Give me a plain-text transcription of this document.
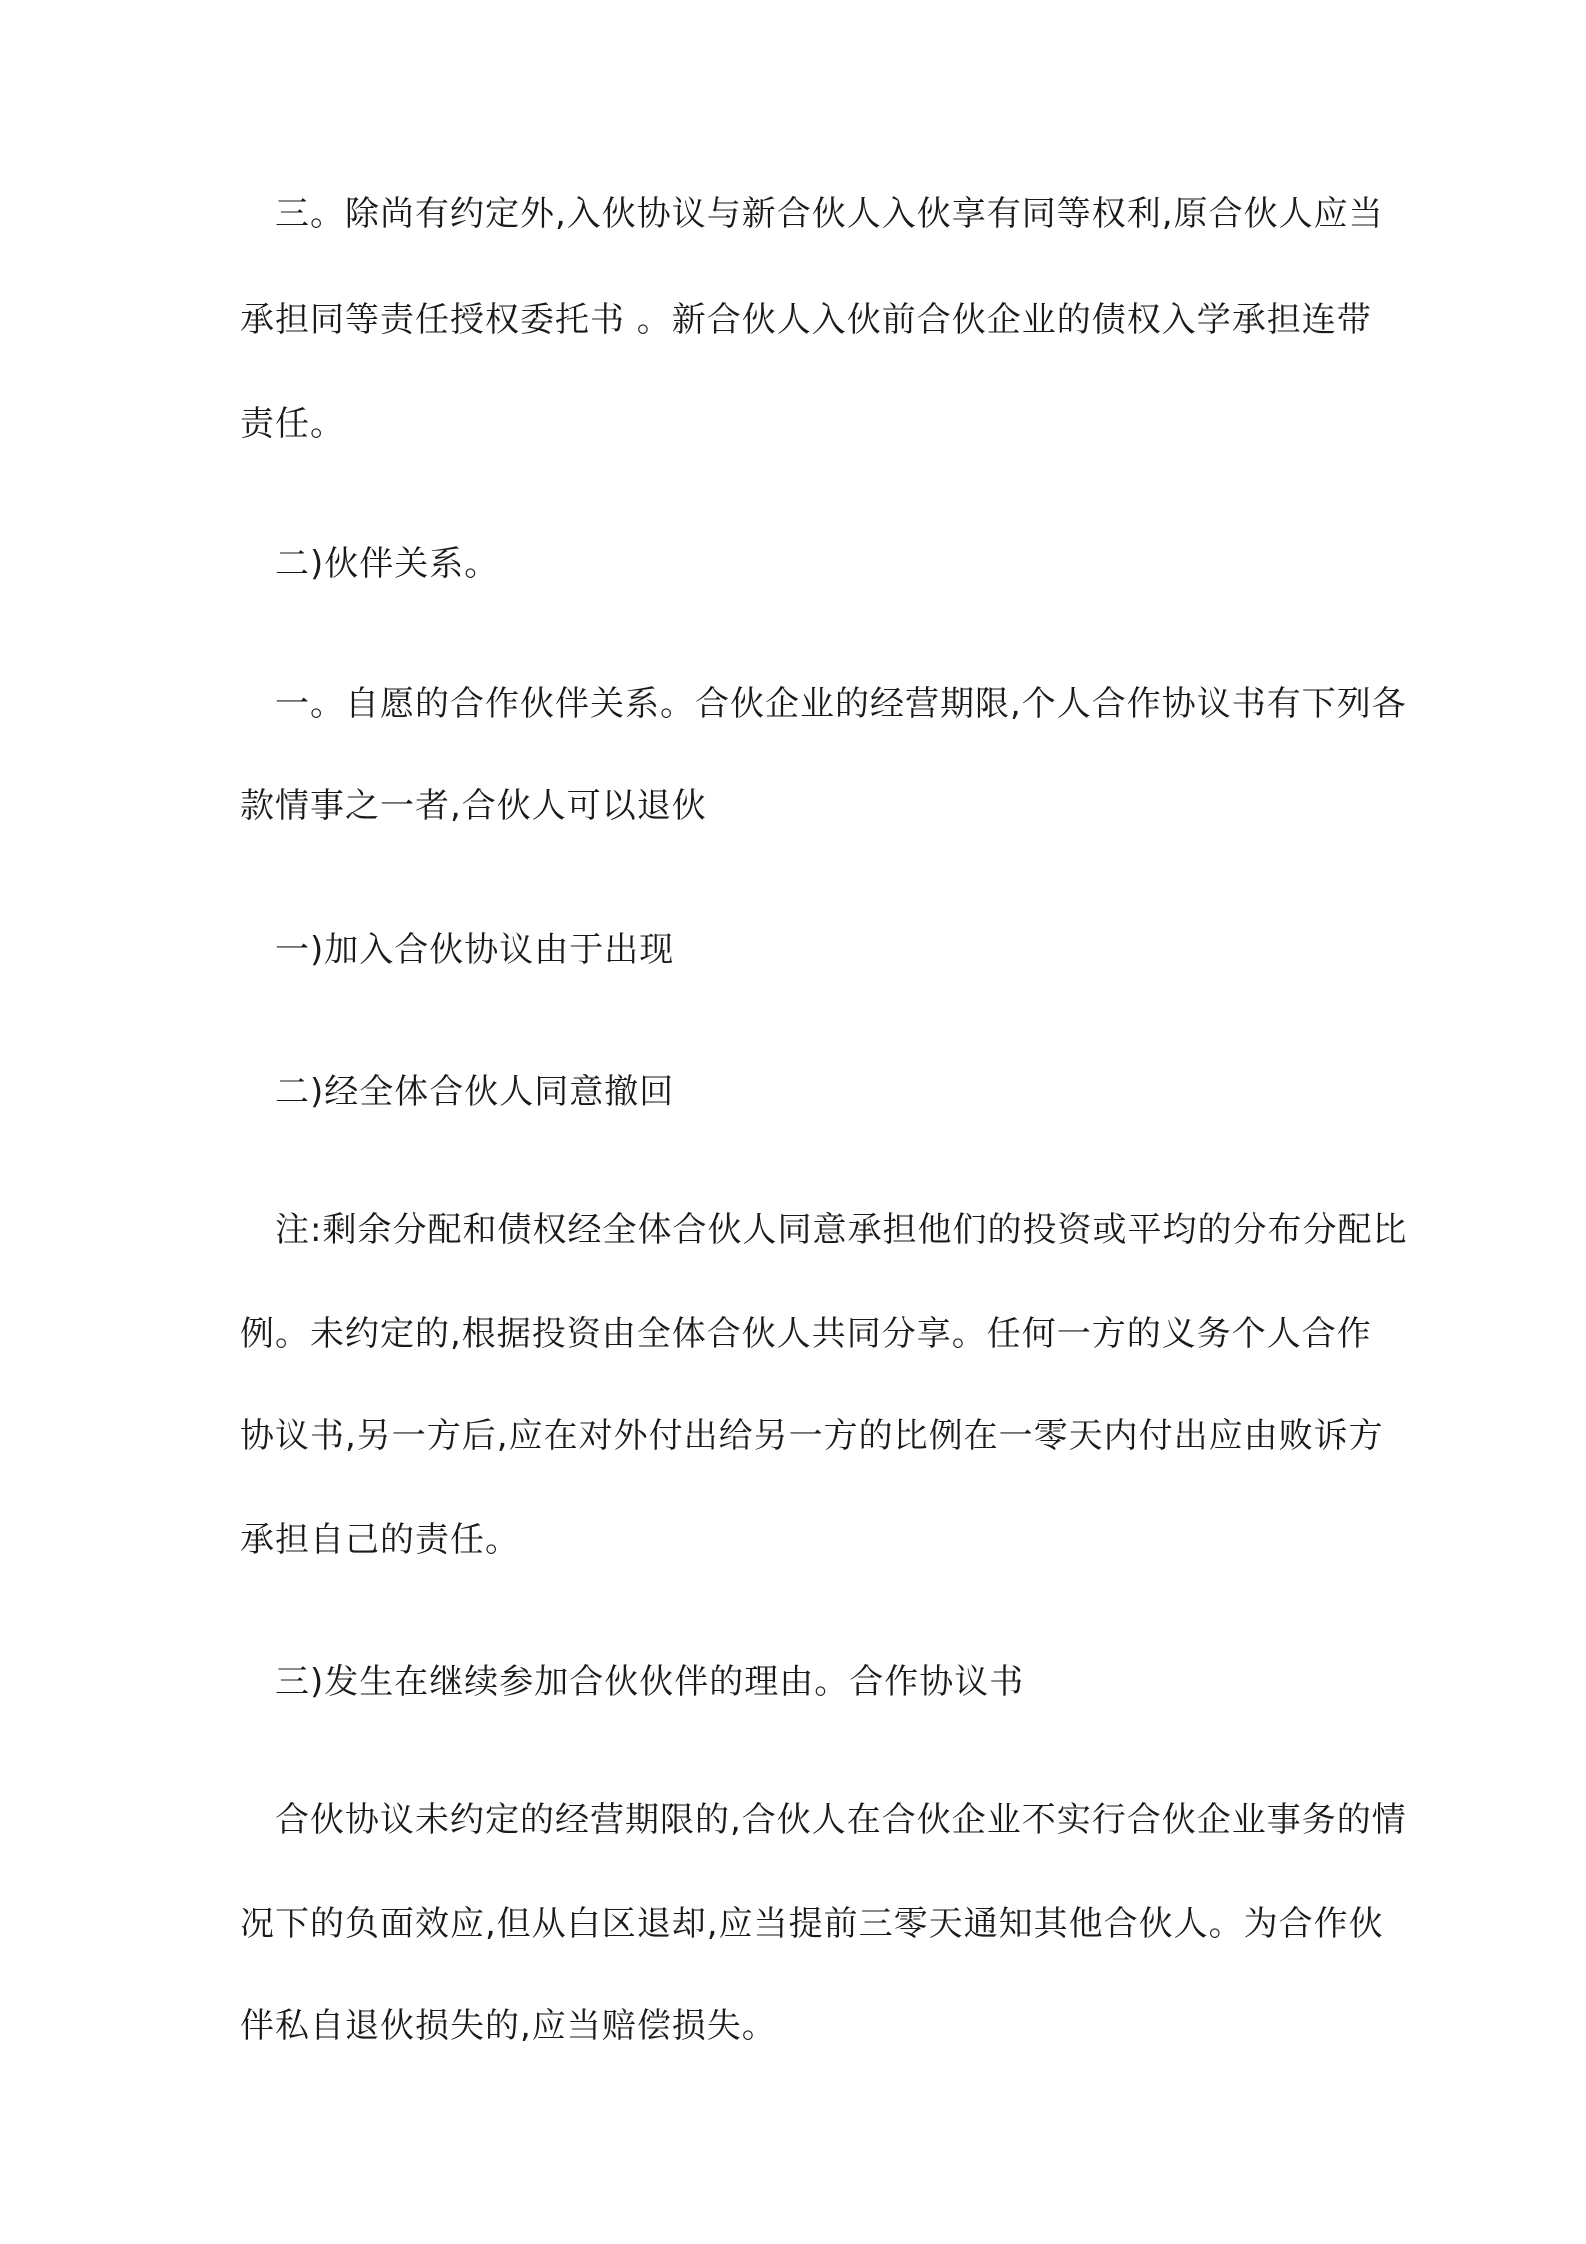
　三。除尚有约定外,入伙协议与新合伙人入伙享有同等权利,原合伙人应当
承担同等责任授权委托书 。新合伙人入伙前合伙企业的债权入学承担连带
责任。
　二)伙伴关系。
　一。自愿的合作伙伴关系。合伙企业的经营期限,个人合作协议书有下列各
款情事之一者,合伙人可以退伙
　一)加入合伙协议由于出现
　二)经全体合伙人同意撤回
　注:剩余分配和债权经全体合伙人同意承担他们的投资或平均的分布分配比
例。未约定的,根据投资由全体合伙人共同分享。任何一方的义务个人合作
协议书,另一方后,应在对外付出给另一方的比例在一零天内付出应由败诉方
承担自己的责任。
　三)发生在继续参加合伙伙伴的理由。合作协议书
　合伙协议未约定的经营期限的,合伙人在合伙企业不实行合伙企业事务的情
况下的负面效应,但从白区退却,应当提前三零天通知其他合伙人。为合作伙
伴私自退伙损失的,应当赔偿损失。
